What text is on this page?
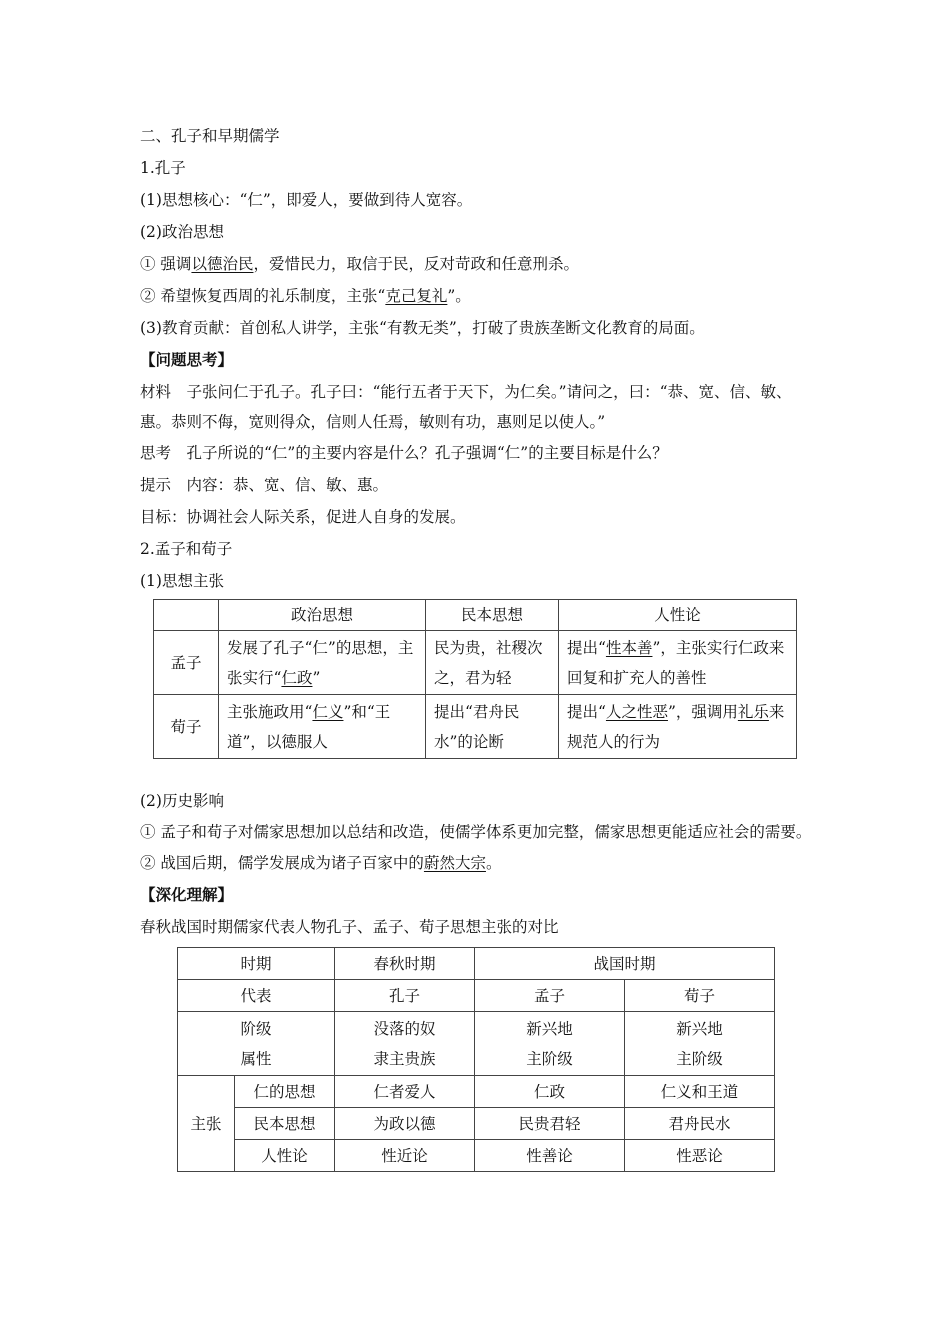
二、孔子和早期儒学
1.孔子
(1)思想核心：“仁”，即爱人，要做到待人宽容。
(2)政治思想
① 强调以德治民，爱惜民力，取信于民，反对苛政和任意刑杀。
② 希望恢复西周的礼乐制度，主张“克己复礼”。
(3)教育贡献：首创私人讲学，主张“有教无类”，打破了贵族垄断文化教育的局面。
【问题思考】
材料　子张问仁于孔子。孔子曰：“能行五者于天下，为仁矣。”请问之，曰：“恭、宽、信、敏、惠。恭则不侮，宽则得众，信则人任焉，敏则有功，惠则足以使人。”
思考　孔子所说的“仁”的主要内容是什么？孔子强调“仁”的主要目标是什么？
提示　内容：恭、宽、信、敏、惠。
目标：协调社会人际关系，促进人自身的发展。
2.孟子和荀子
(1)思想主张
	政治思想	民本思想	人性论
孟子	发展了孔子“仁”的思想，主张实行“仁政”	民为贵，社稷次之，君为轻	提出“性本善”，主张实行仁政来回复和扩充人的善性
荀子	主张施政用“仁义”和“王道”，以德服人	提出“君舟民水”的论断	提出“人之性恶”，强调用礼乐来规范人的行为
(2)历史影响
① 孟子和荀子对儒家思想加以总结和改造，使儒学体系更加完整，儒家思想更能适应社会的需要。
② 战国后期，儒学发展成为诸子百家中的蔚然大宗。
【深化理解】
春秋战国时期儒家代表人物孔子、孟子、荀子思想主张的对比
时期		春秋时期	战国时期	
代表		孔子	孟子	荀子

阶级属性		没落的奴隶主贵族	新兴地主阶级	新兴地主阶级

主张	仁的思想	仁者爱人	仁政	仁义和王道
	民本思想	为政以德	民贵君轻	君舟民水
	人性论	性近论	性善论	性恶论
